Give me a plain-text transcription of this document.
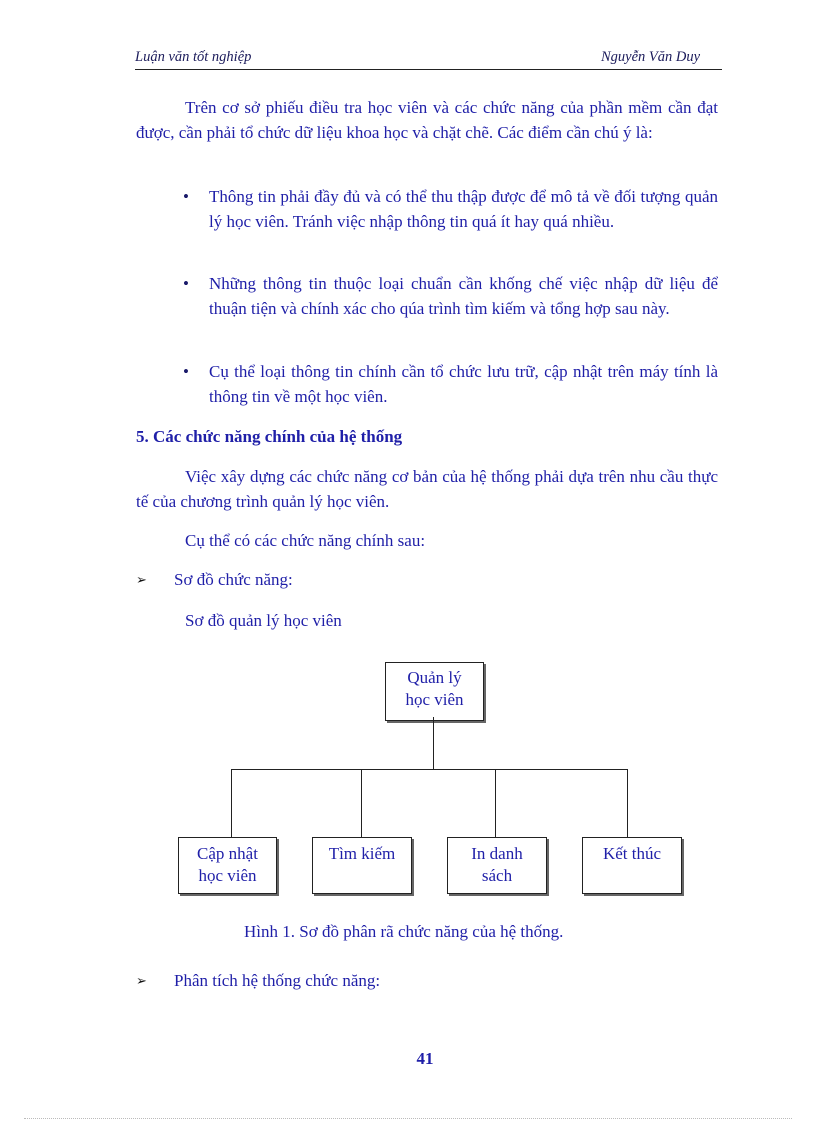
Luận văn tốt nghiệp	Nguyễn Văn Duy
Trên cơ sở phiếu điều tra học viên và các chức năng của phần mềm cần đạt được, cần phải tổ chức dữ liệu khoa học và chặt chẽ. Các điểm cần chú ý là:
• Thông tin phải đầy đủ và có thể thu thập được để mô tả về đối tượng quản lý học viên. Tránh việc nhập thông tin quá ít hay quá nhiều.
• Những thông tin thuộc loại chuẩn cần khống chế việc nhập dữ liệu để thuận tiện và chính xác cho qúa trình tìm kiếm và tổng hợp sau này.
• Cụ thể loại thông tin chính cần tổ chức lưu trữ, cập nhật trên máy tính là thông tin về một học viên.
5. Các chức năng chính của hệ thống
Việc xây dựng các chức năng cơ bản của hệ thống phải dựa trên nhu cầu thực tế của chương trình quản lý học viên.
Cụ thể có các chức năng chính sau:
➢ Sơ đồ chức năng:
Sơ đồ quản lý học viên
Quản lý
học viên
Cập nhật
học viên
Tìm kiếm	In danh
sách
Kết thúc
Hình 1. Sơ đồ phân rã chức năng của hệ thống.
➢ Phân tích hệ thống chức năng:
41
